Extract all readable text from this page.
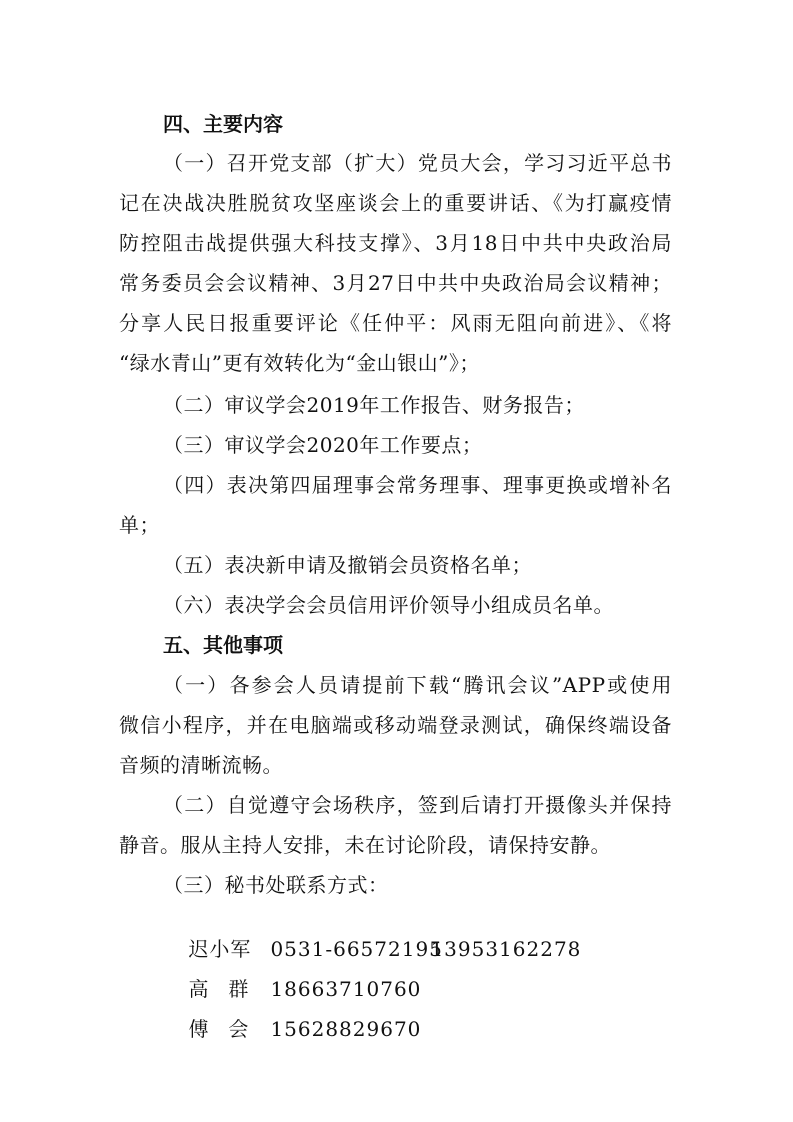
四、主要内容
（一）召开党支部（扩大）党员大会，学习习近平总书
记在决战决胜脱贫攻坚座谈会上的重要讲话、《为打赢疫情
防控阻击战提供强大科技支撑》、3月18日中共中央政治局
常务委员会会议精神、3月27日中共中央政治局会议精神；
分享人民日报重要评论《任仲平：风雨无阻向前进》、《将
“绿水青山”更有效转化为“金山银山”》；
（二）审议学会2019年工作报告、财务报告；
（三）审议学会2020年工作要点；
（四）表决第四届理事会常务理事、理事更换或增补名
单；
（五）表决新申请及撤销会员资格名单；
（六）表决学会会员信用评价领导小组成员名单。
五、其他事项
（一）各参会人员请提前下载“腾讯会议”APP或使用
微信小程序，并在电脑端或移动端登录测试，确保终端设备
音频的清晰流畅。
（二）自觉遵守会场秩序，签到后请打开摄像头并保持
静音。服从主持人安排，未在讨论阶段，请保持安静。
（三）秘书处联系方式：

迟小军 0531-6657219513953162278

高　群 18663710760

傅　会 15628829670
